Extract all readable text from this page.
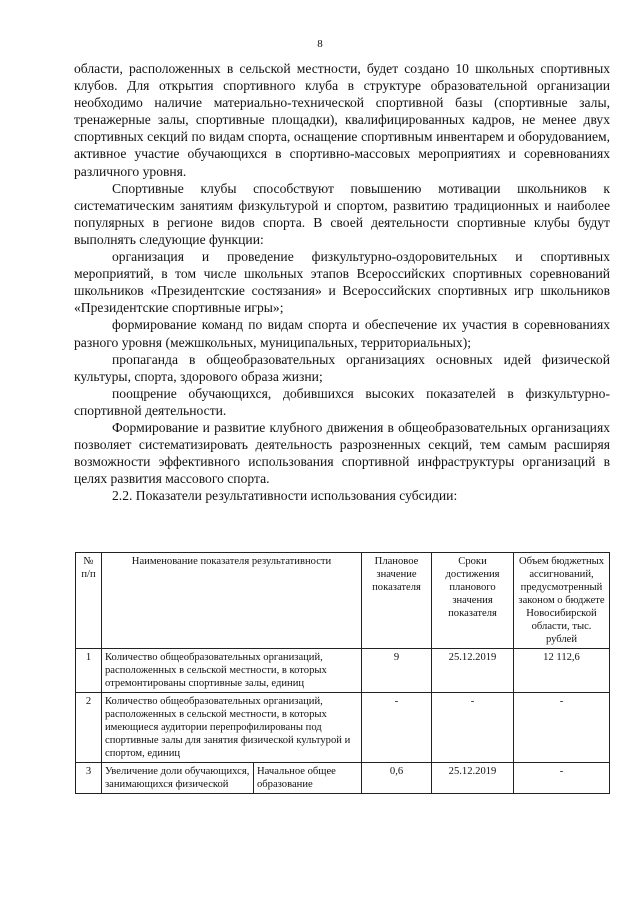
8

области, расположенных в сельской местности, будет создано 10 школьных спортивных клубов. Для открытия спортивного клуба в структуре образовательной организации необходимо наличие материально-технической спортивной базы (спортивные залы, тренажерные залы, спортивные площадки), квалифицированных кадров, не менее двух спортивных секций по видам спорта, оснащение спортивным инвентарем и оборудованием, активное участие обучающихся в спортивно-массовых мероприятиях и соревнованиях различного уровня.

Спортивные клубы способствуют повышению мотивации школьников к систематическим занятиям физкультурой и спортом, развитию традиционных и наиболее популярных в регионе видов спорта. В своей деятельности спортивные клубы будут выполнять следующие функции:

организация и проведение физкультурно-оздоровительных и спортивных мероприятий, в том числе школьных этапов Всероссийских спортивных соревнований школьников «Президентские состязания» и Всероссийских спортивных игр школьников «Президентские спортивные игры»;

формирование команд по видам спорта и обеспечение их участия в соревнованиях разного уровня (межшкольных, муниципальных, территориальных);

пропаганда в общеобразовательных организациях основных идей физической культуры, спорта, здорового образа жизни;

поощрение обучающихся, добившихся высоких показателей в физкультурно-спортивной деятельности.

Формирование и развитие клубного движения в общеобразовательных организациях позволяет систематизировать деятельность разрозненных секций, тем самым расширяя возможности эффективного использования спортивной инфраструктуры организаций в целях развития массового спорта.

2.2. Показатели результативности использования субсидии:

№ п/п	Наименование показателя результативности		Плановое значение показателя	Сроки достижения планового значения показателя	Объем бюджетных ассигнований, предусмотренный законом о бюджете Новосибирской области, тыс. рублей
1	Количество общеобразовательных организаций, расположенных в сельской местности, в которых отремонтированы спортивные залы, единиц		9	25.12.2019	12 112,6
2	Количество общеобразовательных организаций, расположенных в сельской местности, в которых имеющиеся аудитории перепрофилированы под спортивные залы для занятия физической культурой и спортом, единиц		-	-	-
3	Увеличение доли обучающихся, занимающихся физической	Начальное общее образование	0,6	25.12.2019	-
